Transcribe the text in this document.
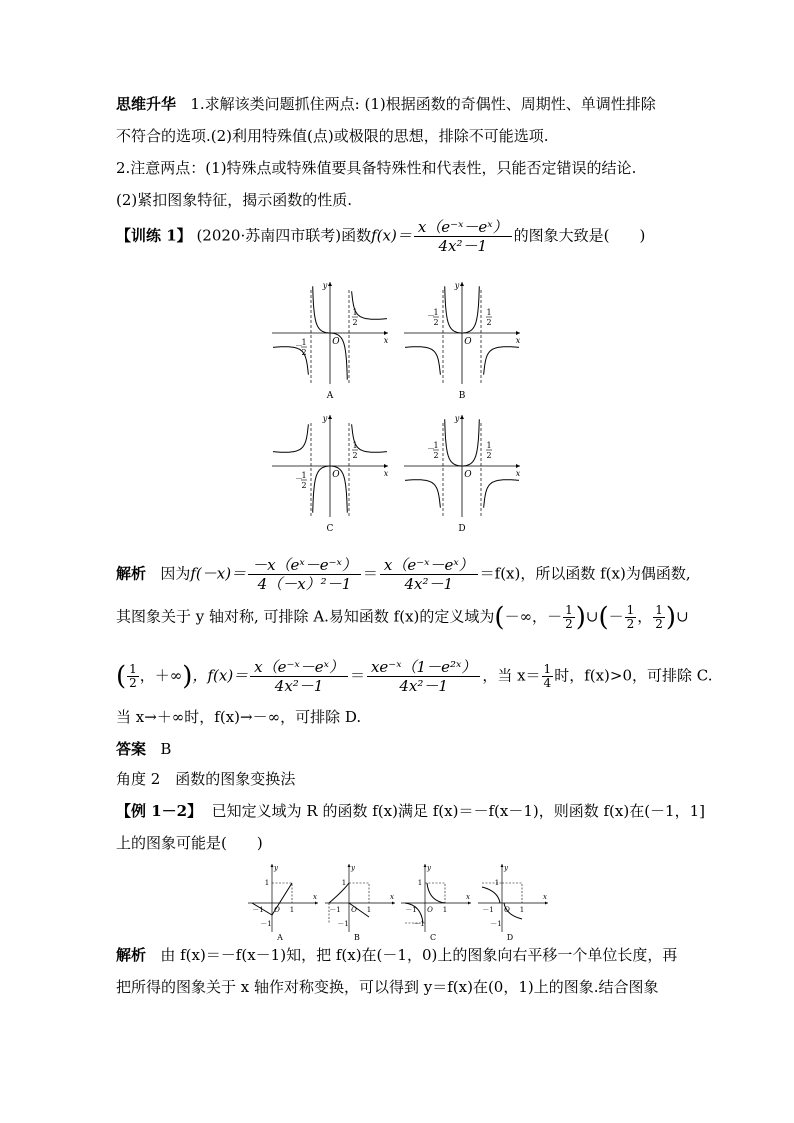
思维升华 1.求解该类问题抓住两点: (1)根据函数的奇偶性、周期性、单调性排除
不符合的选项.(2)利用特殊值(点)或极限的思想，排除不可能选项.
2.注意两点：(1)特殊点或特殊值要具备特殊性和代表性，只能否定错误的结论.
(2)紧扣图象特征，揭示函数的性质.
【训练 1】 (2020·苏南四市联考)函数$f(x)= \frac{\text{x（e⁻ˣ－eˣ）}}{\text{4x²－1}}$ 的图象大致是(　　)
x
y
O
1
2
－
1
2
A
x
y
O
1
2
－
1
2
B
x
y
O
1
2
－
1
2
C
x
y
O
1
2
－
1
2
D
解析 因为$f(-x)= \frac{\text{－x（eˣ－e⁻ˣ）}}{\text{4（－x）²－1}} = \frac{\text{x（e⁻ˣ－eˣ）}}{\text{4x²－1}} =f(x)$，所以函数 f(x)为偶函数,
其图象关于 y 轴对称, 可排除 A.易知函数 f(x)的定义域为(－∞，－ $\frac{1}{2}$ )∪(－ $\frac{1}{2}$ ， $\frac{1}{2}$ )∪
( $\frac{1}{2}$ ，＋∞)，$f(x)= \frac{\text{x（e⁻ˣ－eˣ）}}{\text{4x²－1}} = \frac{\text{xe⁻ˣ（1－e²ˣ）}}{\text{4x²－1}}$ ，当 $x= \frac{1}{4}$ 时，f(x)>0，可排除 C.
当 x→＋∞时，f(x)→－∞，可排除 D.
答案 B
角度 2　函数的图象变换法
【例 1－2】 已知定义域为 R 的函数 f(x)满足 f(x)＝－f(x－1)，则函数 f(x)在(－1，1]
上的图象可能是(　　)
y
x
O
－1	1
1
－1
A
y
x
O
－1	1
1
－1
B
y
x
O
－1	1
1
－1
C
y
x
O
－1	1
1
－1
D
解析 由 f(x)＝－f(x－1)知，把 f(x)在(－1，0)上的图象向右平移一个单位长度，再
把所得的图象关于 x 轴作对称变换，可以得到 y＝f(x)在(0，1)上的图象.结合图象
